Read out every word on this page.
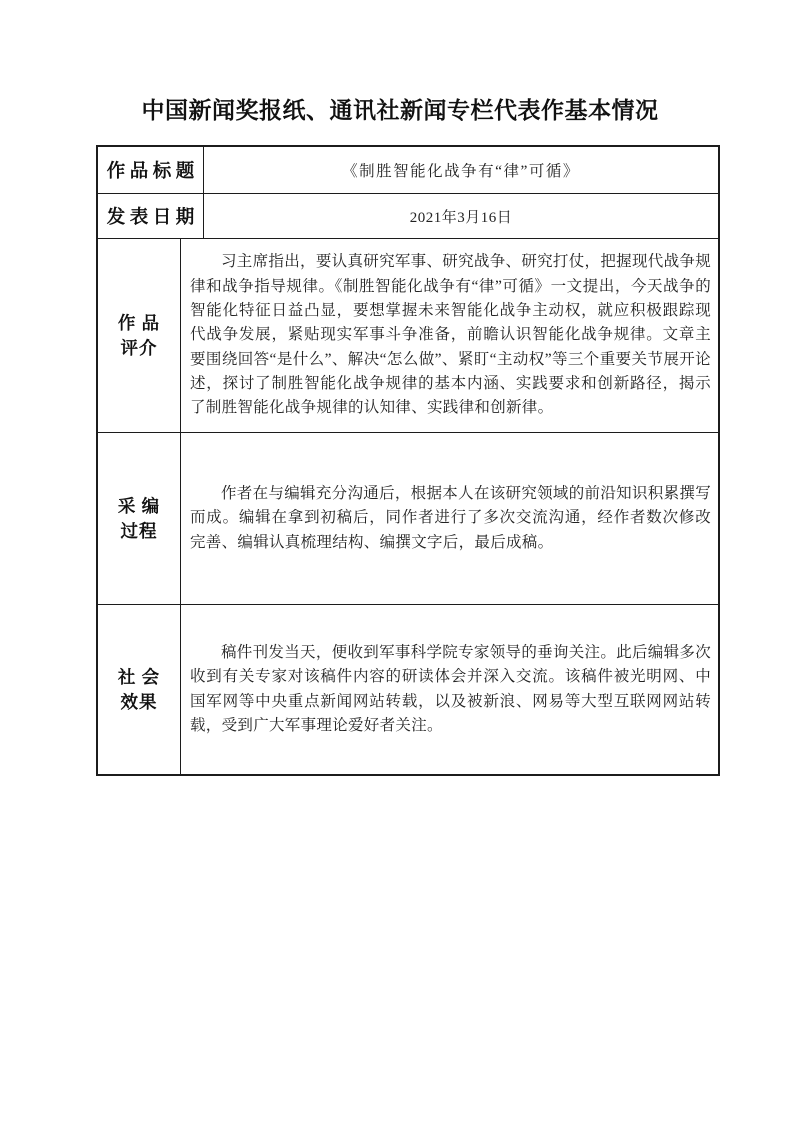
中国新闻奖报纸、通讯社新闻专栏代表作基本情况
作品标题	《制胜智能化战争有“律”可循》
发表日期	2021年3月16日
作 品
评介

习主席指出，要认真研究军事、研究战争、研究打仗，把握现代战争规律和战争指导规律。《制胜智能化战争有“律”可循》一文提出，今天战争的智能化特征日益凸显，要想掌握未来智能化战争主动权，就应积极跟踪现代战争发展，紧贴现实军事斗争准备，前瞻认识智能化战争规律。文章主要围绕回答“是什么”、解决“怎么做”、紧盯“主动权”等三个重要关节展开论述，探讨了制胜智能化战争规律的基本内涵、实践要求和创新路径，揭示了制胜智能化战争规律的认知律、实践律和创新律。

采 编
过程

作者在与编辑充分沟通后，根据本人在该研究领域的前沿知识积累撰写而成。编辑在拿到初稿后，同作者进行了多次交流沟通，经作者数次修改完善、编辑认真梳理结构、编撰文字后，最后成稿。

社 会
效果

稿件刊发当天，便收到军事科学院专家领导的垂询关注。此后编辑多次收到有关专家对该稿件内容的研读体会并深入交流。该稿件被光明网、中国军网等中央重点新闻网站转载，以及被新浪、网易等大型互联网网站转载，受到广大军事理论爱好者关注。
